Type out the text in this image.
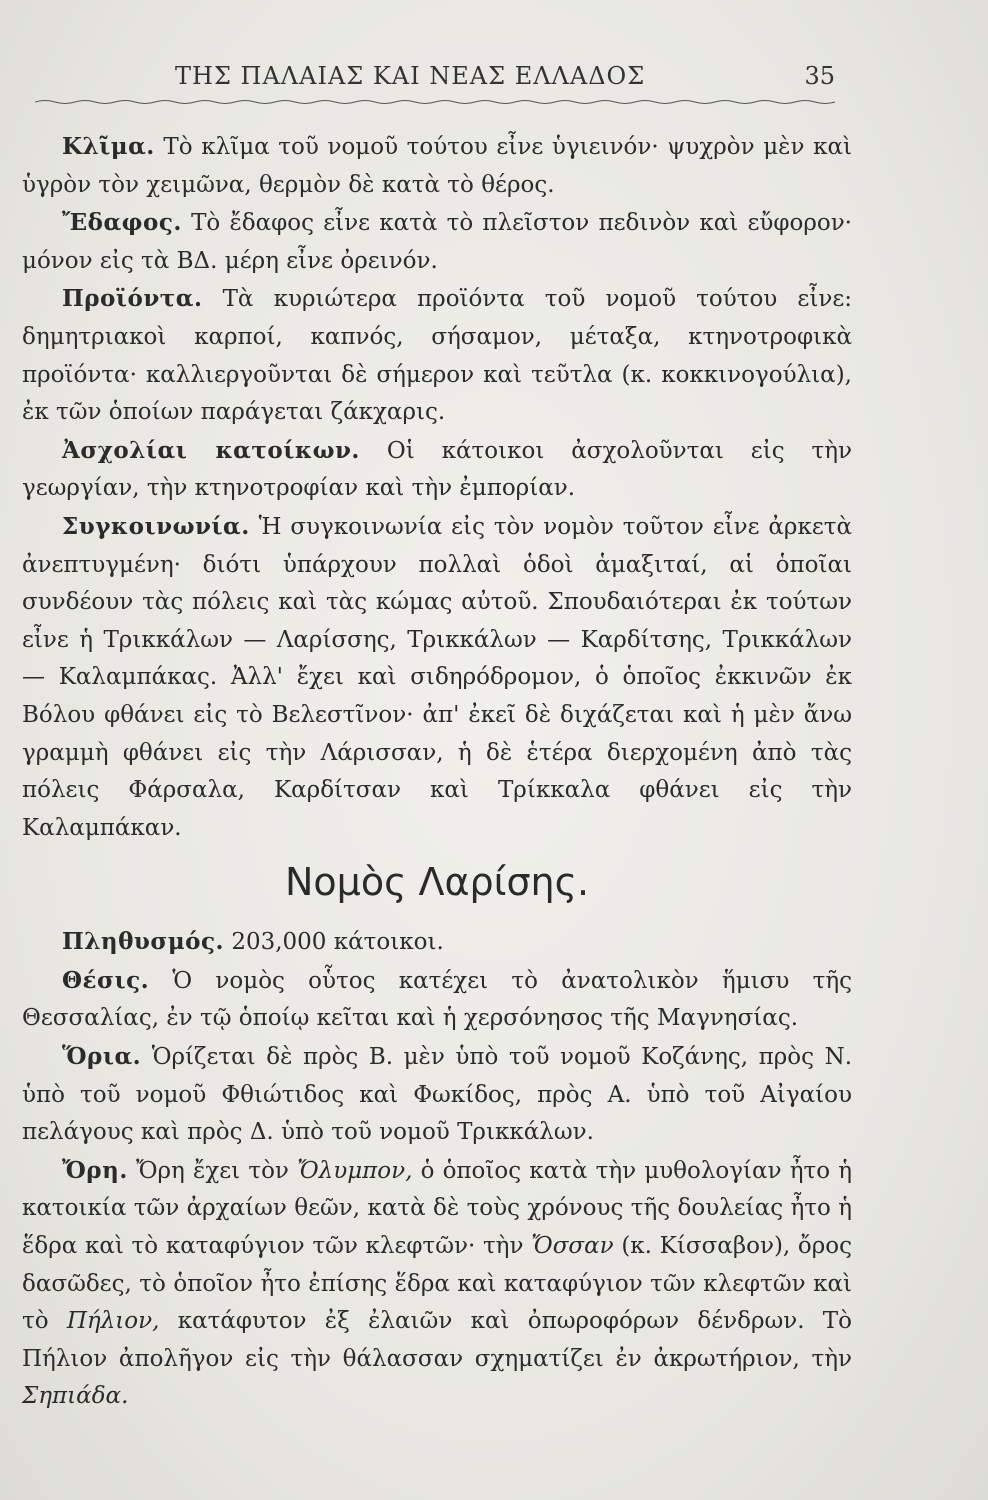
ΤΗΣ ΠΑΛΑΙΑΣ ΚΑΙ ΝΕΑΣ ΕΛΛΑΔΟΣ	35

Κλῖμα. Τὸ κλῖμα τοῦ νομοῦ τούτου εἶνε ὑγιεινόν· ψυχρὸν μὲν καὶ ὑγρὸν τὸν χειμῶνα, θερμὸν δὲ κατὰ τὸ θέρος.

Ἔδαφος. Τὸ ἔδαφος εἶνε κατὰ τὸ πλεῖστον πεδινὸν καὶ εὔφορον· μόνον εἰς τὰ ΒΔ. μέρη εἶνε ὀρεινόν.

Προϊόντα. Τὰ κυριώτερα προϊόντα τοῦ νομοῦ τούτου εἶνε: δημητριακοὶ καρποί, καπνός, σήσαμον, μέταξα, κτηνοτροφικὰ προϊόντα· καλλιεργοῦνται δὲ σήμερον καὶ τεῦτλα (κ. κοκκινογούλια), ἐκ τῶν ὁποίων παράγεται ζάκχαρις.

Ἀσχολίαι κατοίκων. Οἱ κάτοικοι ἀσχολοῦνται εἰς τὴν γεωργίαν, τὴν κτηνοτροφίαν καὶ τὴν ἐμπορίαν.

Συγκοινωνία. Ἡ συγκοινωνία εἰς τὸν νομὸν τοῦτον εἶνε ἀρκετὰ ἀνεπτυγμένη· διότι ὑπάρχουν πολλαὶ ὁδοὶ ἁμαξιταί, αἱ ὁποῖαι συνδέουν τὰς πόλεις καὶ τὰς κώμας αὐτοῦ. Σπουδαιότεραι ἐκ τούτων εἶνε ἡ Τρικκάλων — Λαρίσσης, Τρικκάλων — Καρδίτσης, Τρικκάλων — Καλαμπάκας. Ἀλλ' ἔχει καὶ σιδηρόδρομον, ὁ ὁποῖος ἐκκινῶν ἐκ Βόλου φθάνει εἰς τὸ Βελεστῖνον· ἀπ' ἐκεῖ δὲ διχάζεται καὶ ἡ μὲν ἄνω γραμμὴ φθάνει εἰς τὴν Λάρισσαν, ἡ δὲ ἑτέρα διερχομένη ἀπὸ τὰς πόλεις Φάρσαλα, Καρδίτσαν καὶ Τρίκκαλα φθάνει εἰς τὴν Καλαμπάκαν.

Νομὸς Λαρίσης.

Πληθυσμός. 203,000 κάτοικοι.

Θέσις. Ὁ νομὸς οὗτος κατέχει τὸ ἀνατολικὸν ἥμισυ τῆς Θεσσαλίας, ἐν τῷ ὁποίῳ κεῖται καὶ ἡ χερσόνησος τῆς Μαγνησίας.

Ὅρια. Ὁρίζεται δὲ πρὸς Β. μὲν ὑπὸ τοῦ νομοῦ Κοζάνης, πρὸς Ν. ὑπὸ τοῦ νομοῦ Φθιώτιδος καὶ Φωκίδος, πρὸς Α. ὑπὸ τοῦ Αἰγαίου πελάγους καὶ πρὸς Δ. ὑπὸ τοῦ νομοῦ Τρικκάλων.

Ὄρη. Ὄρη ἔχει τὸν Ὄλυμπον, ὁ ὁποῖος κατὰ τὴν μυθολογίαν ἦτο ἡ κατοικία τῶν ἀρχαίων θεῶν, κατὰ δὲ τοὺς χρόνους τῆς δουλείας ἦτο ἡ ἕδρα καὶ τὸ καταφύγιον τῶν κλεφτῶν· τὴν Ὄσσαν (κ. Κίσσαβον), ὄρος δασῶδες, τὸ ὁποῖον ἦτο ἐπίσης ἕδρα καὶ καταφύγιον τῶν κλεφτῶν καὶ τὸ Πήλιον, κατάφυτον ἐξ ἐλαιῶν καὶ ὀπωροφόρων δένδρων. Τὸ Πήλιον ἀπολῆγον εἰς τὴν θάλασσαν σχηματίζει ἐν ἀκρωτήριον, τὴν Σηπιάδα.
